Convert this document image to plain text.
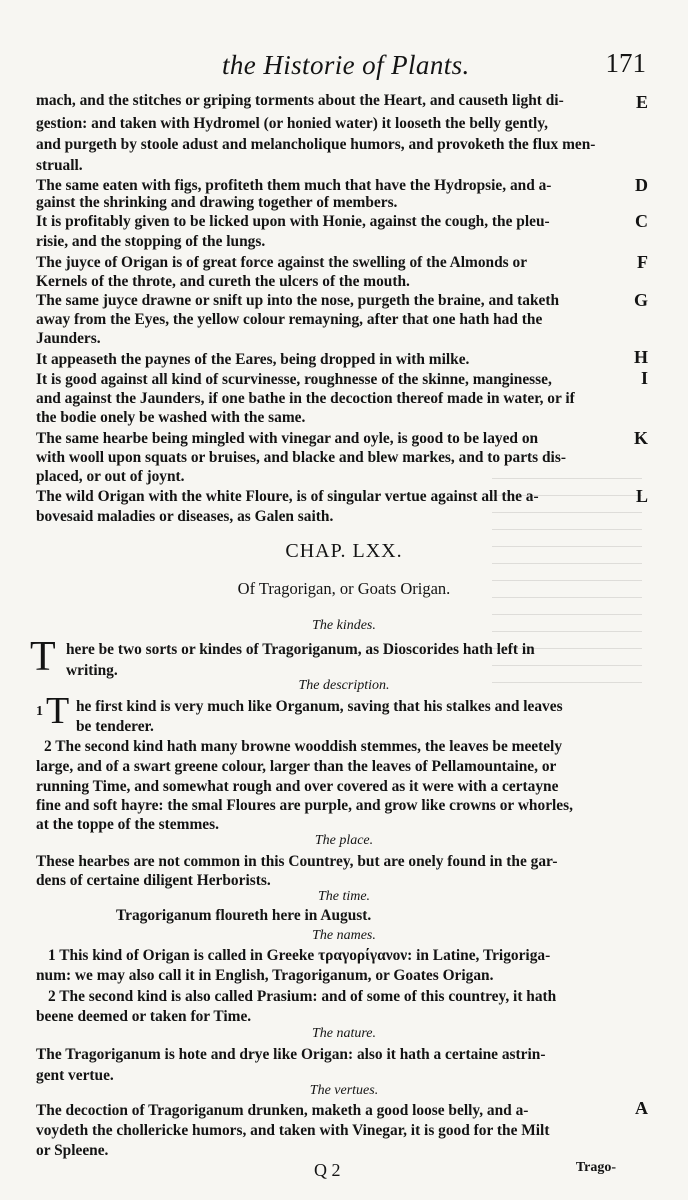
the Historie of Plants.	171
mach, and the stitches or griping torments about the Heart, and causeth light di-
gestion: and taken with Hydromel (or honied water) it looseth the belly gently,
and purgeth by stoole adust and melancholique humors, and provoketh the flux men-
struall.
The same eaten with figs, profiteth them much that have the Hydropsie, and a-
gainst the shrinking and drawing together of members.
It is profitably given to be licked upon with Honie, against the cough, the pleu-
risie, and the stopping of the lungs.
The juyce of Origan is of great force against the swelling of the Almonds or
Kernels of the throte, and cureth the ulcers of the mouth.
The same juyce drawne or snift up into the nose, purgeth the braine, and taketh
away from the Eyes, the yellow colour remayning, after that one hath had the
Jaunders.
It appeaseth the paynes of the Eares, being dropped in with milke.
It is good against all kind of scurvinesse, roughnesse of the skinne, manginesse,
and against the Jaunders, if one bathe in the decoction thereof made in water, or if
the bodie onely be washed with the same.
The same hearbe being mingled with vinegar and oyle, is good to be layed on
with wooll upon squats or bruises, and blacke and blew markes, and to parts dis-
placed, or out of joynt.
The wild Origan with the white Floure, is of singular vertue against all the a-
bovesaid maladies or diseases, as Galen saith.
E
D
C
F
G
H
I
K
L
CHAP. LXX.
Of Tragorigan, or Goats Origan.
The kindes.
T here be two sorts or kindes of Tragoriganum, as Dioscorides hath left in
writing.
The description.
1 T he first kind is very much like Organum, saving that his stalkes and leaves
be tenderer.
2 The second kind hath many browne wooddish stemmes, the leaves be meetely
large, and of a swart greene colour, larger than the leaves of Pellamountaine, or
running Time, and somewhat rough and over covered as it were with a certayne
fine and soft hayre: the smal Floures are purple, and grow like crowns or whorles,
at the toppe of the stemmes.
The place.
These hearbes are not common in this Countrey, but are onely found in the gar-
dens of certaine diligent Herborists.
The time.
Tragoriganum floureth here in August.
The names.
1 This kind of Origan is called in Greeke τραγορίγανον: in Latine, Trigoriga-
num: we may also call it in English, Tragoriganum, or Goates Origan.
2 The second kind is also called Prasium: and of some of this countrey, it hath
beene deemed or taken for Time.
The nature.
The Tragoriganum is hote and drye like Origan: also it hath a certaine astrin-
gent vertue.
The vertues.
The decoction of Tragoriganum drunken, maketh a good loose belly, and a-
voydeth the chollericke humors, and taken with Vinegar, it is good for the Milt
or Spleene.
A
Q 2	Trago-
